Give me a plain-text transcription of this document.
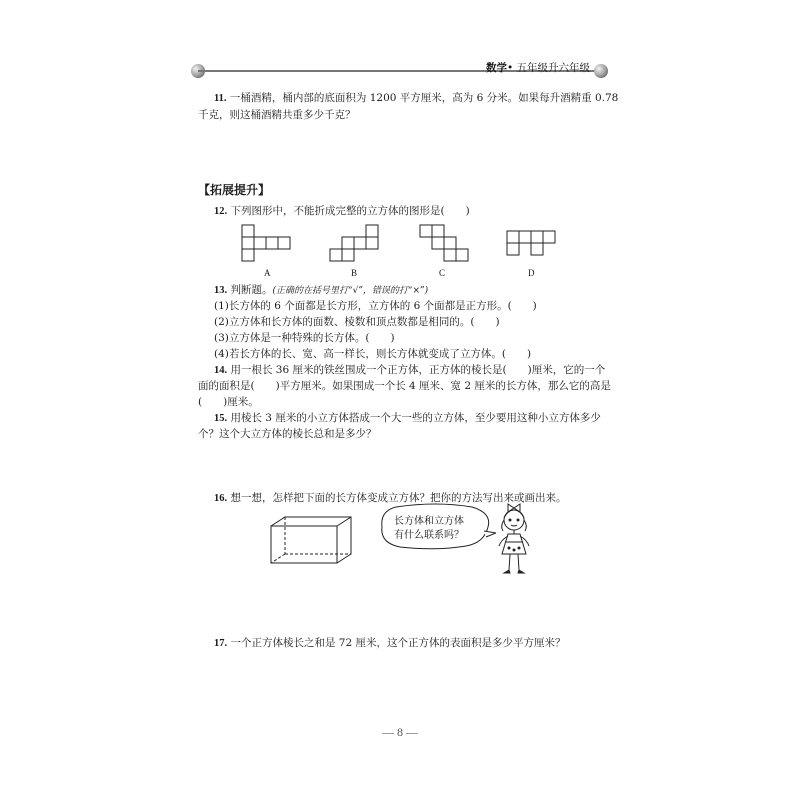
数学• 五年级升六年级
11. 一桶酒精，桶内部的底面积为 1200 平方厘米，高为 6 分米。如果每升酒精重 0.78
千克，则这桶酒精共重多少千克？
【拓展提升】
12. 下列图形中，不能折成完整的立方体的图形是(　　)
A	B	C	D
13. 判断题。(正确的在括号里打“√”，错误的打“×”)
(1)长方体的 6 个面都是长方形，立方体的 6 个面都是正方形。(　　)
(2)立方体和长方体的面数、棱数和顶点数都是相同的。(　　)
(3)立方体是一种特殊的长方体。(　　)
(4)若长方体的长、宽、高一样长，则长方体就变成了立方体。(　　)
14. 用一根长 36 厘米的铁丝围成一个正方体，正方体的棱长是(　　)厘米，它的一个
面的面积是(　　)平方厘米。如果围成一个长 4 厘米、宽 2 厘米的长方体，那么它的高是
(　　)厘米。
15. 用棱长 3 厘米的小立方体搭成一个大一些的立方体，至少要用这种小立方体多少
个？这个大立方体的棱长总和是多少？
16. 想一想，怎样把下面的长方体变成立方体？把你的方法写出来或画出来。
长方体和立方体
有什么联系吗？
17. 一个正方体棱长之和是 72 厘米，这个正方体的表面积是多少平方厘米？
— 8 —
